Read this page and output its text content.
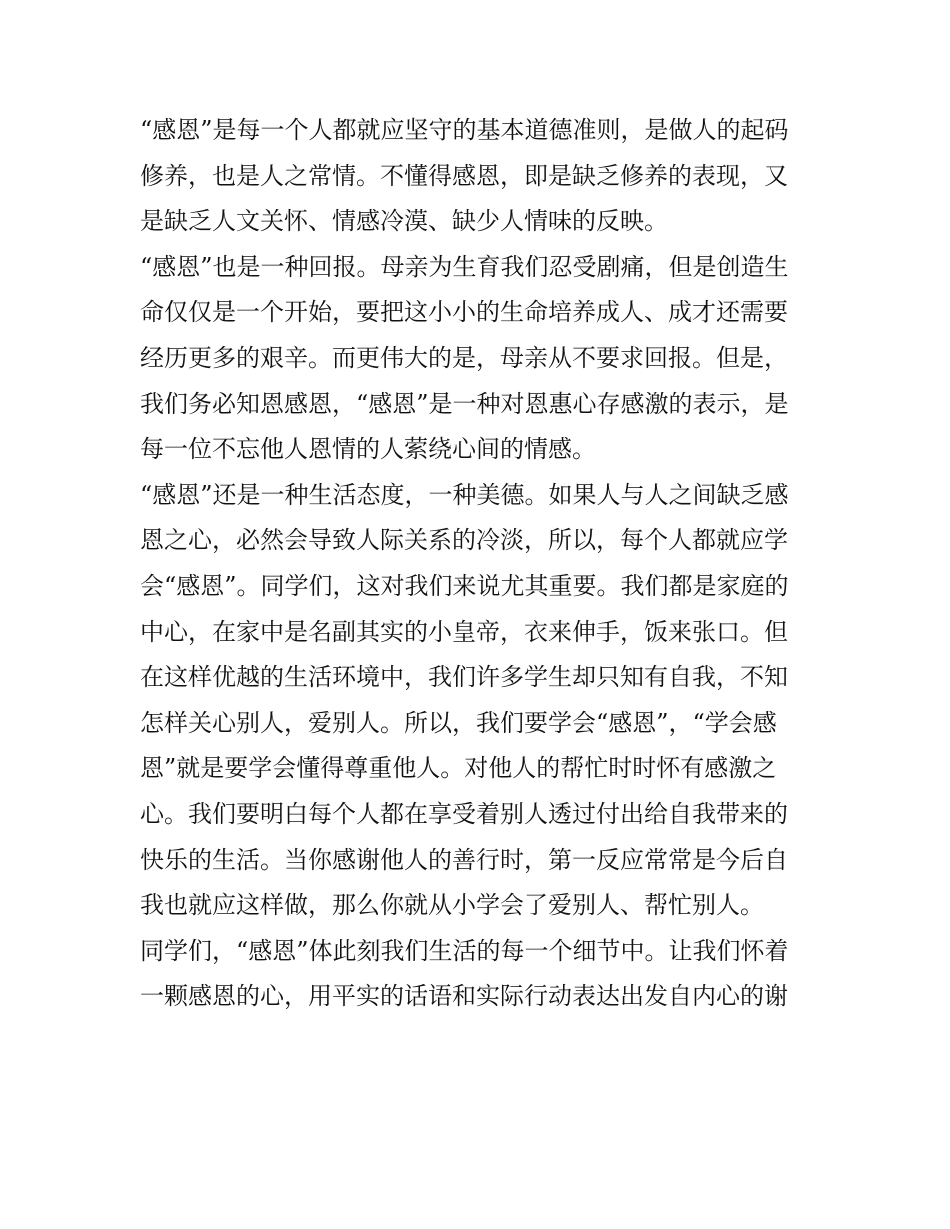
“感恩”是每一个人都就应坚守的基本道德准则，是做人的起码
修养，也是人之常情。不懂得感恩，即是缺乏修养的表现，又
是缺乏人文关怀、情感冷漠、缺少人情味的反映。
“感恩”也是一种回报。母亲为生育我们忍受剧痛，但是创造生
命仅仅是一个开始，要把这小小的生命培养成人、成才还需要
经历更多的艰辛。而更伟大的是，母亲从不要求回报。但是，
我们务必知恩感恩，“感恩”是一种对恩惠心存感激的表示，是
每一位不忘他人恩情的人萦绕心间的情感。
“感恩”还是一种生活态度，一种美德。如果人与人之间缺乏感
恩之心，必然会导致人际关系的冷淡，所以，每个人都就应学
会“感恩”。同学们，这对我们来说尤其重要。我们都是家庭的
中心，在家中是名副其实的小皇帝，衣来伸手，饭来张口。但
在这样优越的生活环境中，我们许多学生却只知有自我，不知
怎样关心别人，爱别人。所以，我们要学会“感恩”，“学会感
恩”就是要学会懂得尊重他人。对他人的帮忙时时怀有感激之
心。我们要明白每个人都在享受着别人透过付出给自我带来的
快乐的生活。当你感谢他人的善行时，第一反应常常是今后自
我也就应这样做，那么你就从小学会了爱别人、帮忙别人。
同学们，“感恩”体此刻我们生活的每一个细节中。让我们怀着
一颗感恩的心，用平实的话语和实际行动表达出发自内心的谢
